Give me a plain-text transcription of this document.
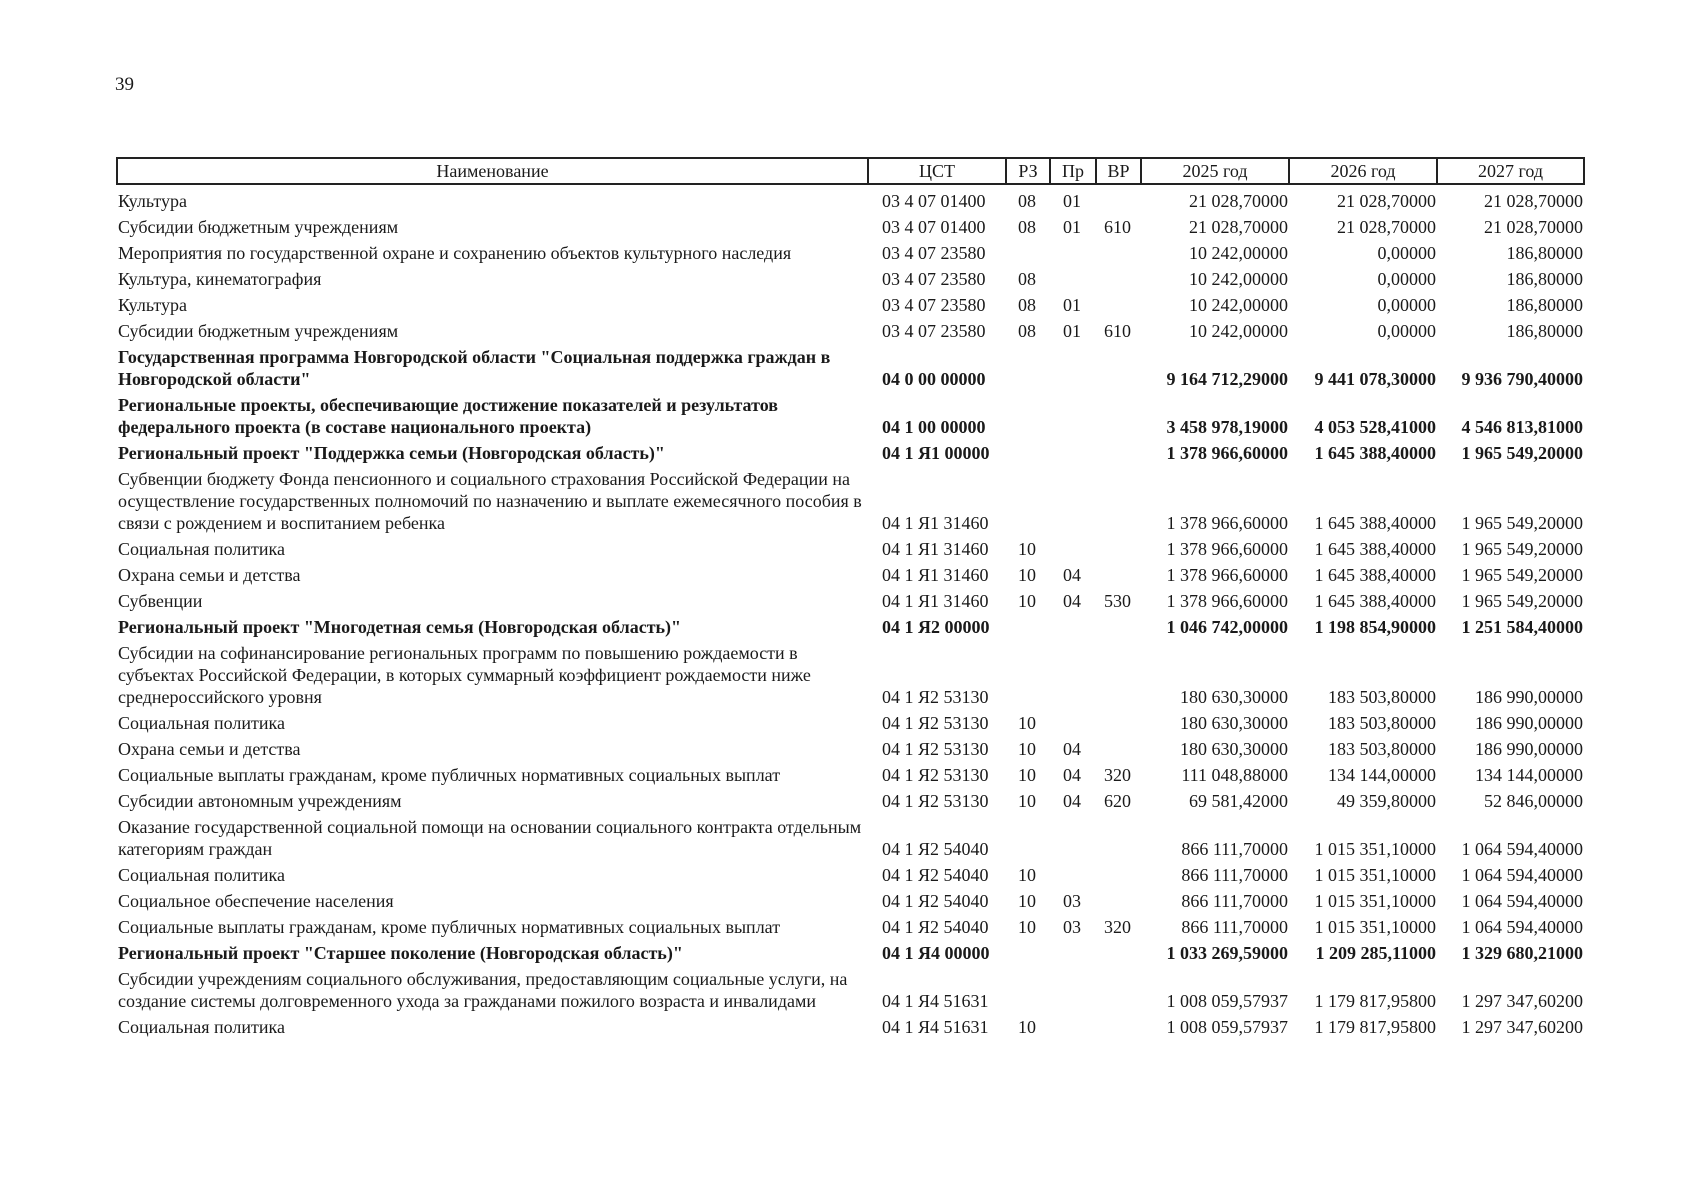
39
Наименование	ЦСТ	РЗ	Пр	ВР	2025 год	2026 год	2027 год
Культура	03 4 07 01400	08	01		21 028,70000	21 028,70000	21 028,70000
Субсидии бюджетным учреждениям	03 4 07 01400	08	01	610	21 028,70000	21 028,70000	21 028,70000
Мероприятия по государственной охране и сохранению объектов культурного наследия	03 4 07 23580				10 242,00000	0,00000	186,80000
Культура, кинематография	03 4 07 23580	08			10 242,00000	0,00000	186,80000
Культура	03 4 07 23580	08	01		10 242,00000	0,00000	186,80000
Субсидии бюджетным учреждениям	03 4 07 23580	08	01	610	10 242,00000	0,00000	186,80000
Государственная программа Новгородской области "Социальная поддержка граждан в Новгородской области"	04 0 00 00000				9 164 712,29000	9 441 078,30000	9 936 790,40000
Региональные проекты, обеспечивающие достижение показателей и результатов федерального проекта (в составе национального проекта)	04 1 00 00000				3 458 978,19000	4 053 528,41000	4 546 813,81000
Региональный проект "Поддержка семьи (Новгородская область)"	04 1 Я1 00000				1 378 966,60000	1 645 388,40000	1 965 549,20000
Субвенции бюджету Фонда пенсионного и социального страхования Российской Федерации на осуществление государственных полномочий по назначению и выплате ежемесячного пособия в связи с рождением и воспитанием ребенка	04 1 Я1 31460				1 378 966,60000	1 645 388,40000	1 965 549,20000
Социальная политика	04 1 Я1 31460	10			1 378 966,60000	1 645 388,40000	1 965 549,20000
Охрана семьи и детства	04 1 Я1 31460	10	04		1 378 966,60000	1 645 388,40000	1 965 549,20000
Субвенции	04 1 Я1 31460	10	04	530	1 378 966,60000	1 645 388,40000	1 965 549,20000
Региональный проект "Многодетная семья (Новгородская область)"	04 1 Я2 00000				1 046 742,00000	1 198 854,90000	1 251 584,40000
Субсидии на софинансирование региональных программ по повышению рождаемости в субъектах Российской Федерации, в которых суммарный коэффициент рождаемости ниже среднероссийского уровня	04 1 Я2 53130				180 630,30000	183 503,80000	186 990,00000
Социальная политика	04 1 Я2 53130	10			180 630,30000	183 503,80000	186 990,00000
Охрана семьи и детства	04 1 Я2 53130	10	04		180 630,30000	183 503,80000	186 990,00000
Социальные выплаты гражданам, кроме публичных нормативных социальных выплат	04 1 Я2 53130	10	04	320	111 048,88000	134 144,00000	134 144,00000
Субсидии автономным учреждениям	04 1 Я2 53130	10	04	620	69 581,42000	49 359,80000	52 846,00000
Оказание государственной социальной помощи на основании социального контракта отдельным категориям граждан	04 1 Я2 54040				866 111,70000	1 015 351,10000	1 064 594,40000
Социальная политика	04 1 Я2 54040	10			866 111,70000	1 015 351,10000	1 064 594,40000
Социальное обеспечение населения	04 1 Я2 54040	10	03		866 111,70000	1 015 351,10000	1 064 594,40000
Социальные выплаты гражданам, кроме публичных нормативных социальных выплат	04 1 Я2 54040	10	03	320	866 111,70000	1 015 351,10000	1 064 594,40000
Региональный проект "Старшее поколение (Новгородская область)"	04 1 Я4 00000				1 033 269,59000	1 209 285,11000	1 329 680,21000
Субсидии учреждениям социального обслуживания, предоставляющим социальные услуги, на создание системы долговременного ухода за гражданами пожилого возраста и инвалидами	04 1 Я4 51631				1 008 059,57937	1 179 817,95800	1 297 347,60200
Социальная политика	04 1 Я4 51631	10			1 008 059,57937	1 179 817,95800	1 297 347,60200
